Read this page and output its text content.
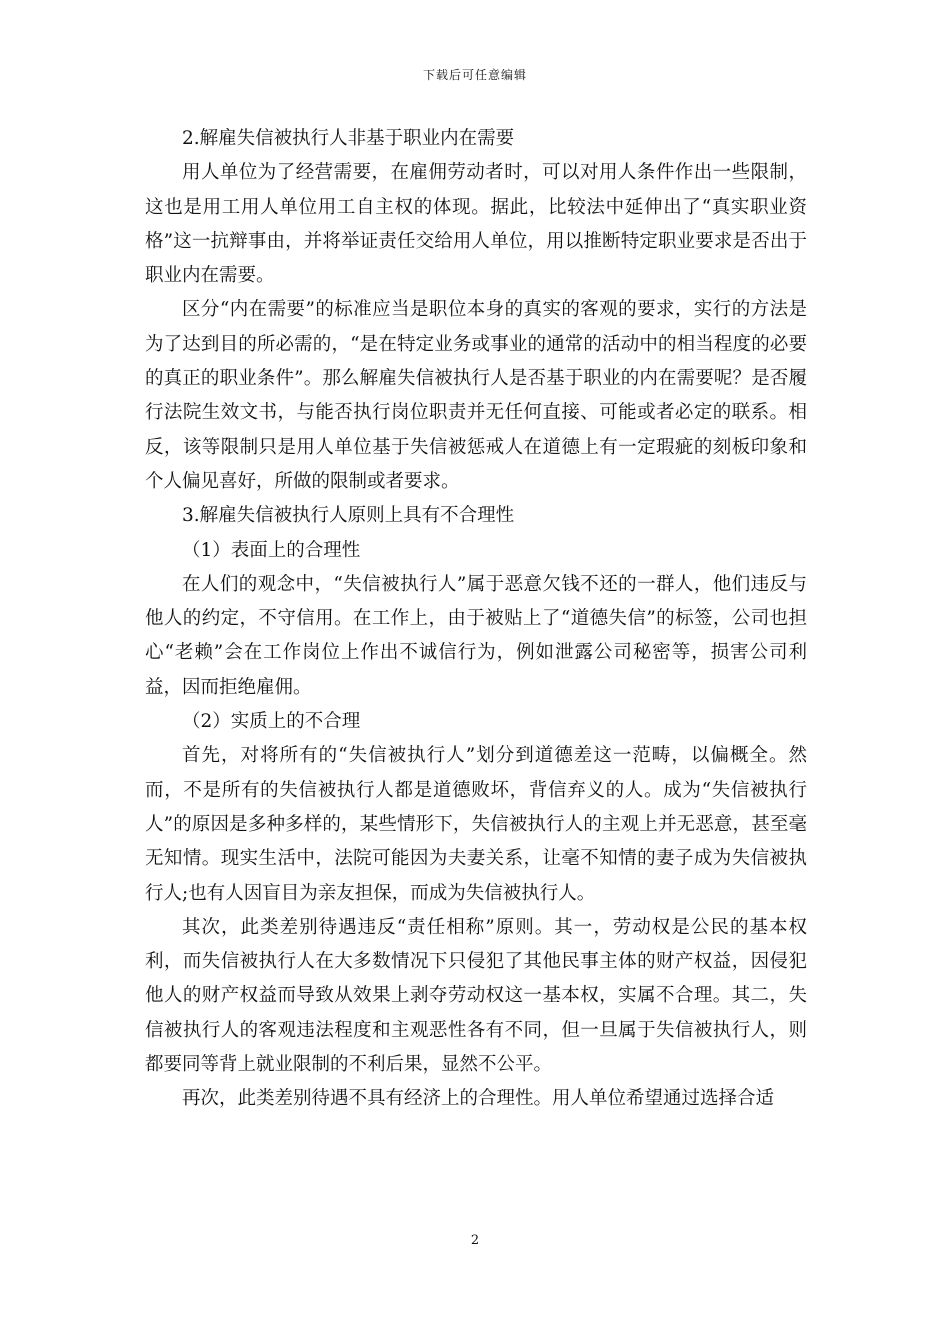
下载后可任意编辑

2.解雇失信被执行人非基于职业内在需要

用人单位为了经营需要，在雇佣劳动者时，可以对用人条件作出一些限制，这也是用工用人单位用工自主权的体现。据此，比较法中延伸出了“真实职业资格”这一抗辩事由，并将举证责任交给用人单位，用以推断特定职业要求是否出于职业内在需要。

区分“内在需要”的标准应当是职位本身的真实的客观的要求，实行的方法是为了达到目的所必需的，“是在特定业务或事业的通常的活动中的相当程度的必要的真正的职业条件”。那么解雇失信被执行人是否基于职业的内在需要呢？是否履行法院生效文书，与能否执行岗位职责并无任何直接、可能或者必定的联系。相反，该等限制只是用人单位基于失信被惩戒人在道德上有一定瑕疵的刻板印象和个人偏见喜好，所做的限制或者要求。

3.解雇失信被执行人原则上具有不合理性

（1）表面上的合理性

在人们的观念中，“失信被执行人”属于恶意欠钱不还的一群人，他们违反与他人的约定，不守信用。在工作上，由于被贴上了“道德失信”的标签，公司也担心“老赖”会在工作岗位上作出不诚信行为，例如泄露公司秘密等，损害公司利益，因而拒绝雇佣。

（2）实质上的不合理

首先，对将所有的“失信被执行人”划分到道德差这一范畴，以偏概全。然而，不是所有的失信被执行人都是道德败坏，背信弃义的人。成为“失信被执行人”的原因是多种多样的，某些情形下，失信被执行人的主观上并无恶意，甚至毫无知情。现实生活中，法院可能因为夫妻关系，让毫不知情的妻子成为失信被执行人;也有人因盲目为亲友担保，而成为失信被执行人。

其次，此类差别待遇违反“责任相称”原则。其一，劳动权是公民的基本权利，而失信被执行人在大多数情况下只侵犯了其他民事主体的财产权益，因侵犯他人的财产权益而导致从效果上剥夺劳动权这一基本权，实属不合理。其二，失信被执行人的客观违法程度和主观恶性各有不同，但一旦属于失信被执行人，则都要同等背上就业限制的不利后果，显然不公平。

再次，此类差别待遇不具有经济上的合理性。用人单位希望通过选择合适

2
